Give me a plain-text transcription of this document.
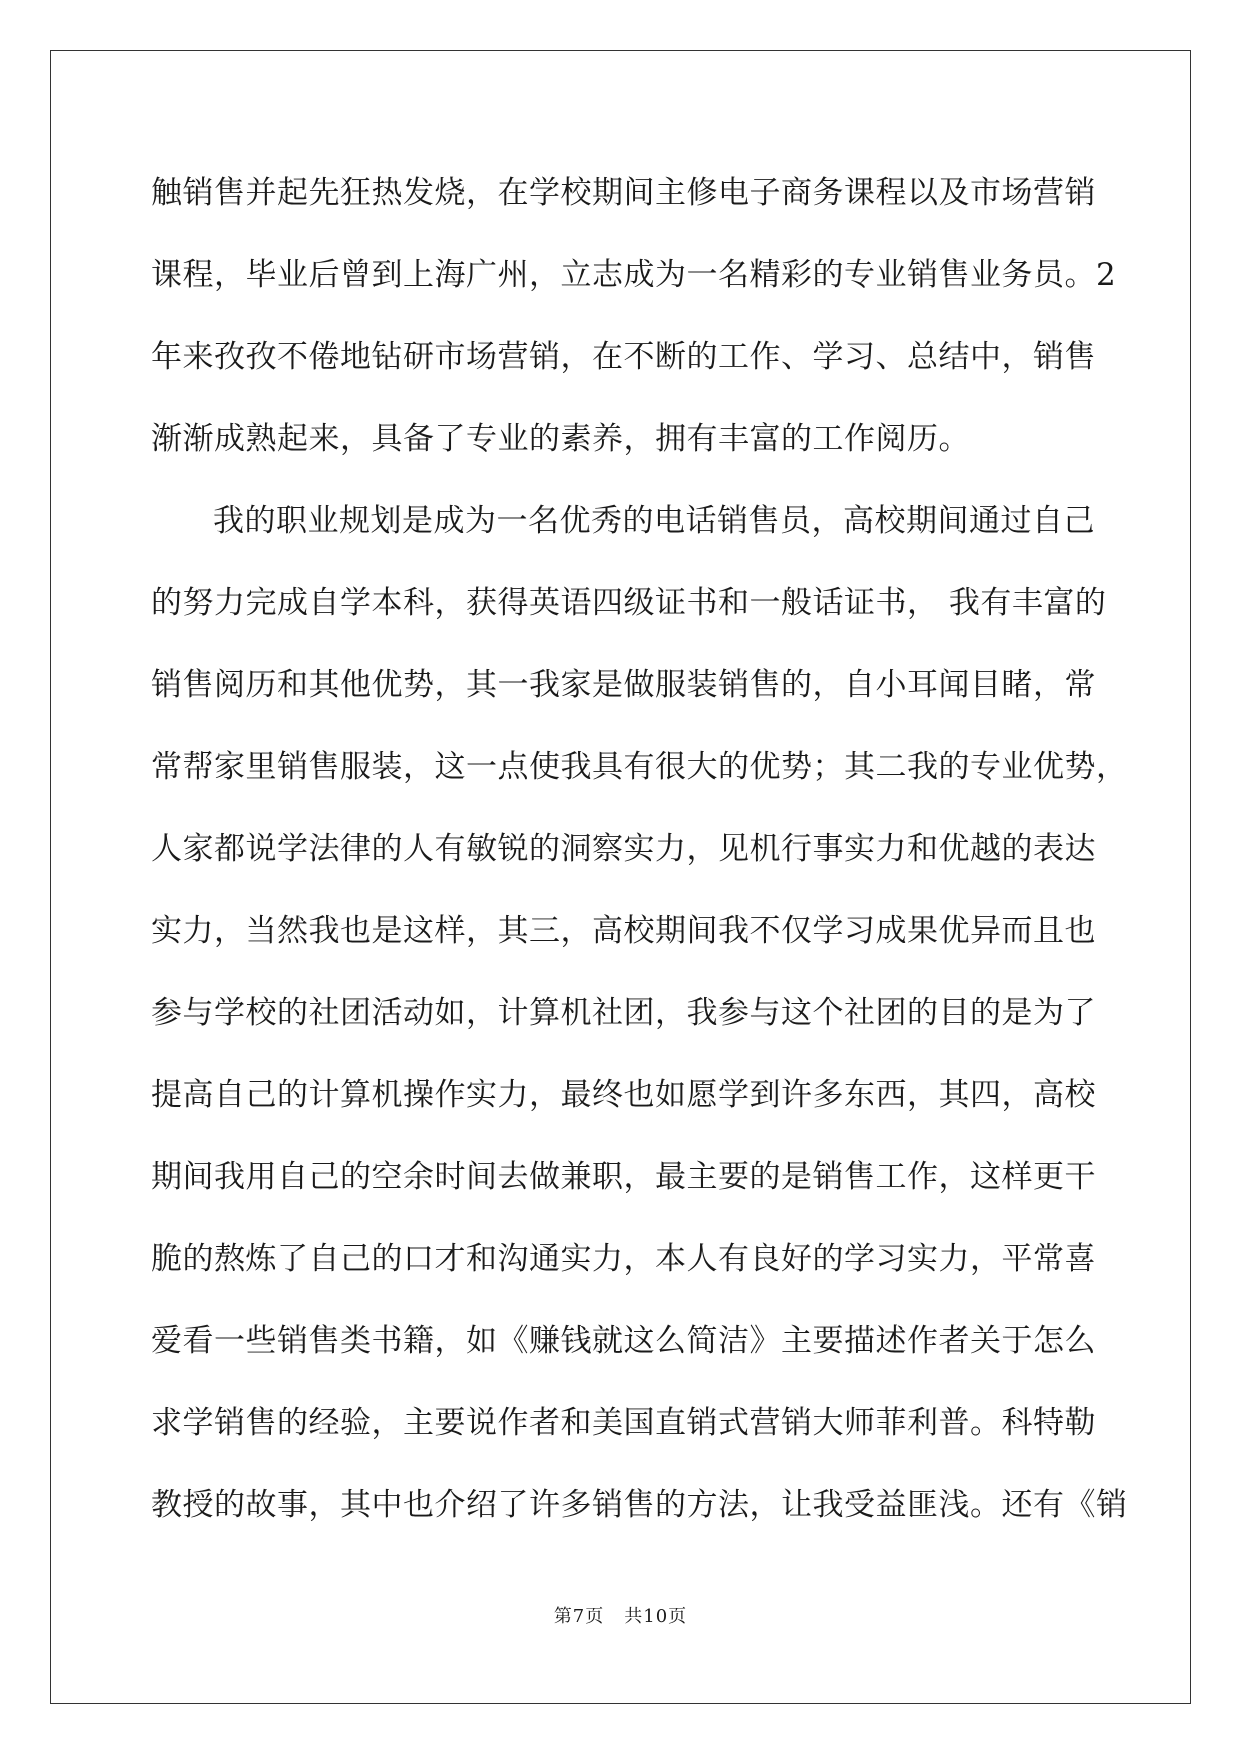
触销售并起先狂热发烧，在学校期间主修电子商务课程以及市场营销
课程，毕业后曾到上海广州，立志成为一名精彩的专业销售业务员。2
年来孜孜不倦地钻研市场营销，在不断的工作、学习、总结中，销售
渐渐成熟起来，具备了专业的素养，拥有丰富的工作阅历。
我的职业规划是成为一名优秀的电话销售员，高校期间通过自己
的努力完成自学本科，获得英语四级证书和一般话证书， 我有丰富的
销售阅历和其他优势，其一我家是做服装销售的，自小耳闻目睹，常
常帮家里销售服装，这一点使我具有很大的优势；其二我的专业优势，
人家都说学法律的人有敏锐的洞察实力，见机行事实力和优越的表达
实力，当然我也是这样，其三，高校期间我不仅学习成果优异而且也
参与学校的社团活动如，计算机社团，我参与这个社团的目的是为了
提高自己的计算机操作实力，最终也如愿学到许多东西，其四，高校
期间我用自己的空余时间去做兼职，最主要的是销售工作，这样更干
脆的熬炼了自己的口才和沟通实力，本人有良好的学习实力，平常喜
爱看一些销售类书籍，如《赚钱就这么简洁》主要描述作者关于怎么
求学销售的经验，主要说作者和美国直销式营销大师菲利普。科特勒
教授的故事，其中也介绍了许多销售的方法，让我受益匪浅。还有《销
第7页 共10页
